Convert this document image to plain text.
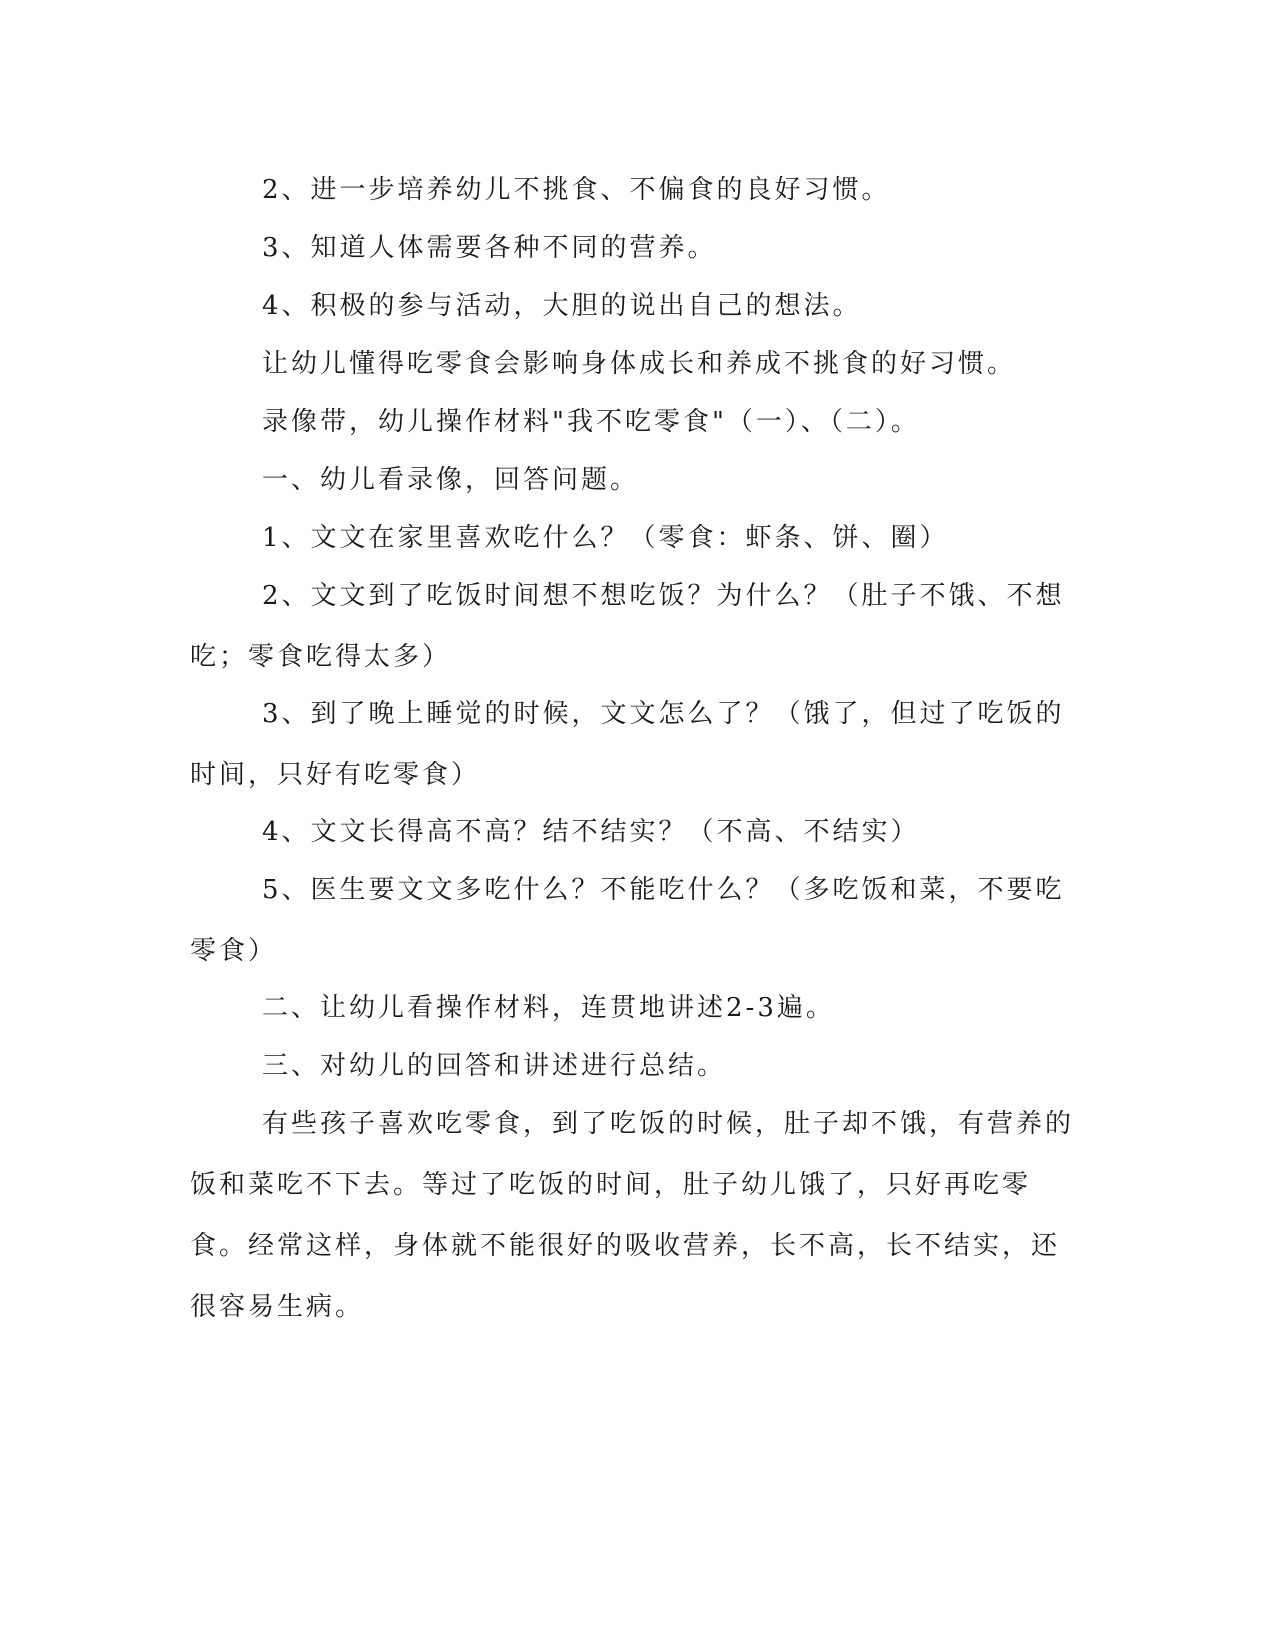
2、进一步培养幼儿不挑食、不偏食的良好习惯。

3、知道人体需要各种不同的营养。

4、积极的参与活动，大胆的说出自己的想法。

让幼儿懂得吃零食会影响身体成长和养成不挑食的好习惯。

录像带，幼儿操作材料"我不吃零食"（一）、（二）。

一、幼儿看录像，回答问题。

1、文文在家里喜欢吃什么？（零食：虾条、饼、圈）

2、文文到了吃饭时间想不想吃饭？为什么？（肚子不饿、不想吃；零食吃得太多）

3、到了晚上睡觉的时候，文文怎么了？（饿了，但过了吃饭的时间，只好有吃零食）

4、文文长得高不高？结不结实？（不高、不结实）

5、医生要文文多吃什么？不能吃什么？（多吃饭和菜，不要吃零食）

二、让幼儿看操作材料，连贯地讲述2-3遍。

三、对幼儿的回答和讲述进行总结。

有些孩子喜欢吃零食，到了吃饭的时候，肚子却不饿，有营养的饭和菜吃不下去。等过了吃饭的时间，肚子幼儿饿了，只好再吃零食。经常这样，身体就不能很好的吸收营养，长不高，长不结实，还很容易生病。
